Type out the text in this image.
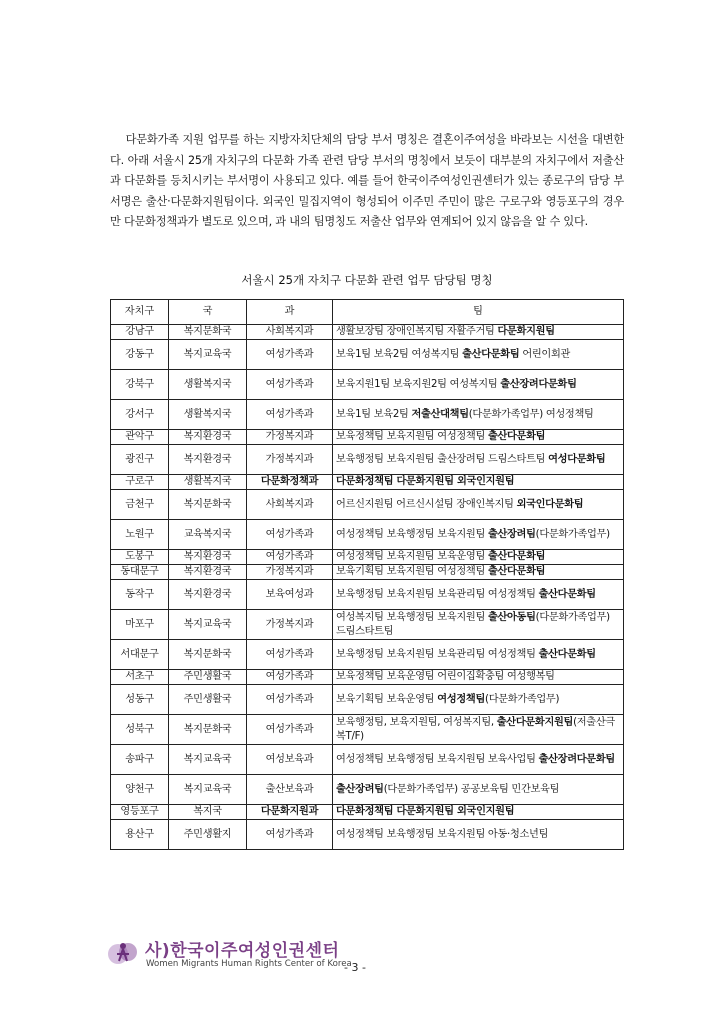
다문화가족 지원 업무를 하는 지방자치단체의 담당 부서 명칭은 결혼이주여성을 바라보는 시선을 대변한다. 아래 서울시 25개 자치구의 다문화 가족 관련 담당 부서의 명칭에서 보듯이 대부분의 자치구에서 저출산과 다문화를 등치시키는 부서명이 사용되고 있다. 예를 들어 한국이주여성인권센터가 있는 종로구의 담당 부서명은 출산·다문화지원팀이다. 외국인 밀집지역이 형성되어 이주민 주민이 많은 구로구와 영등포구의 경우만 다문화정책과가 별도로 있으며, 과 내의 팀명칭도 저출산 업무와 연계되어 있지 않음을 알 수 있다.

서울시 25개 자치구 다문화 관련 업무 담당팀 명칭
자치구	국	과	팀
강남구	복지문화국	사회복지과	생활보장팀 장애인복지팀 자활주거팀 다문화지원팀
강동구	복지교육국	여성가족과	보육1팀 보육2팀 여성복지팀 출산다문화팀 어린이회관
강북구	생활복지국	여성가족과	보육지원1팀 보육지원2팀 여성복지팀 출산장려다문화팀
강서구	생활복지국	여성가족과	보육1팀 보육2팀 저출산대책팀(다문화가족업무) 여성정책팀
관악구	복지환경국	가정복지과	보육정책팀 보육지원팀 여성정책팀 출산다문화팀
광진구	복지환경국	가정복지과	보육행정팀 보육지원팀 출산장려팀 드림스타트팀 여성다문화팀
구로구	생활복지국	다문화정책과	다문화정책팀 다문화지원팀 외국인지원팀
금천구	복지문화국	사회복지과	어르신지원팀 어르신시설팀 장애인복지팀 외국인다문화팀
노원구	교육복지국	여성가족과	여성정책팀 보육행정팀 보육지원팀 출산장려팀(다문화가족업무)
도봉구	복지환경국	여성가족과	여성정책팀 보육지원팀 보육운영팀 출산다문화팀
동대문구	복지환경국	가정복지과	보육기획팀 보육지원팀 여성정책팀 출산다문화팀
동작구	복지환경국	보육여성과	보육행정팀 보육지원팀 보육관리팀 여성정책팀 출산다문화팀
마포구	복지교육국	가정복지과	여성복지팀 보육행정팀 보육지원팀 출산아동팀(다문화가족업무) 드림스타트팀
서대문구	복지문화국	여성가족과	보육행정팀 보육지원팀 보육관리팀 여성정책팀 출산다문화팀
서초구	주민생활국	여성가족과	보육정책팀 보육운영팀 어린이집확충팀 여성행복팀
성동구	주민생활국	여성가족과	보육기획팀 보육운영팀 여성정책팀(다문화가족업무)
성북구	복지문화국	여성가족과	보육행정팀, 보육지원팀, 여성복지팀, 출산다문화지원팀(저출산극복T/F)
송파구	복지교육국	여성보육과	여성정책팀 보육행정팀 보육지원팀 보육사업팀 출산장려다문화팀
양천구	복지교육국	출산보육과	출산장려팀(다문화가족업무) 공공보육팀 민간보육팀
영등포구	복지국	다문화지원과	다문화정책팀 다문화지원팀 외국인지원팀
용산구	주민생활지	여성가족과	여성정책팀 보육행정팀 보육지원팀 아동·청소년팀
사)한국이주여성인권센터
Women Migrants Human Rights Center of Korea
- 3 -
